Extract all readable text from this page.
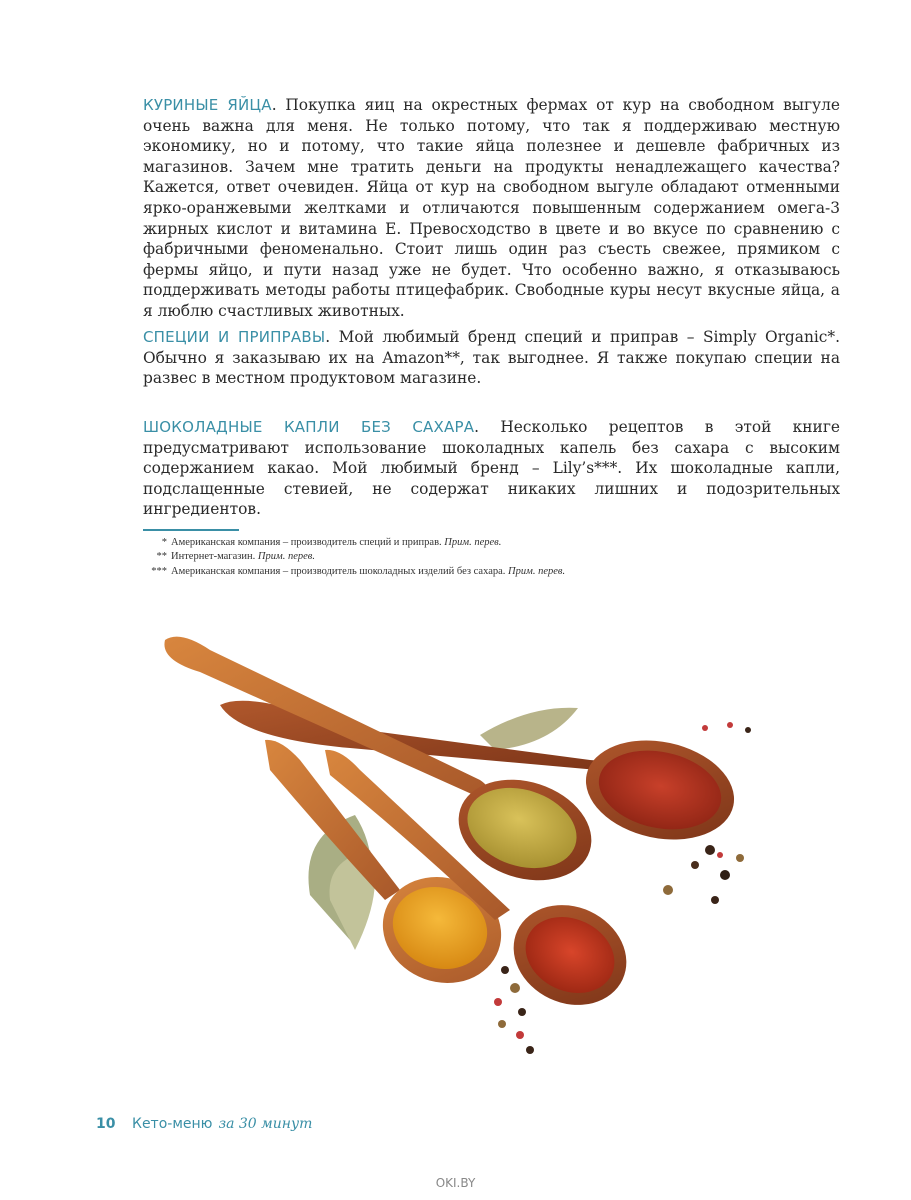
КУРИНЫЕ ЯЙЦА. Покупка яиц на окрестных фермах от кур на свободном выгуле очень важна для меня. Не только потому, что так я поддерживаю местную экономику, но и потому, что такие яйца полезнее и дешевле фабричных из магазинов. Зачем мне тратить деньги на продукты ненадлежащего качества? Кажется, ответ очевиден. Яйца от кур на свободном выгуле обладают отменными ярко-оранжевыми желтками и отличаются повышенным содержанием омега-3 жирных кислот и витамина Е. Превосходство в цвете и во вкусе по сравнению с фабричными феноменально. Стоит лишь один раз съесть свежее, прямиком с фермы яйцо, и пути назад уже не будет. Что особенно важно, я отказываюсь поддерживать методы работы птицефабрик. Свободные куры несут вкусные яйца, а я люблю счастливых животных.

СПЕЦИИ И ПРИПРАВЫ. Мой любимый бренд специй и приправ – Simply Organic*. Обычно я заказываю их на Amazon**, так выгоднее. Я также покупаю специи на развес в местном продуктовом магазине.

ШОКОЛАДНЫЕ КАПЛИ БЕЗ САХАРА. Несколько рецептов в этой книге предусматривают использование шоколадных капель без сахара с высоким содержанием какао. Мой любимый бренд – Lily’s***. Их шоколадные капли, подслащенные стевией, не содержат никаких лишних и подозрительных ингредиентов.

* Американская компания – производитель специй и приправ. Прим. перев.
** Интернет-магазин. Прим. перев.
*** Американская компания – производитель шоколадных изделий без сахара. Прим. перев.
10 Кето-меню за 30 минут
OKI.BY
